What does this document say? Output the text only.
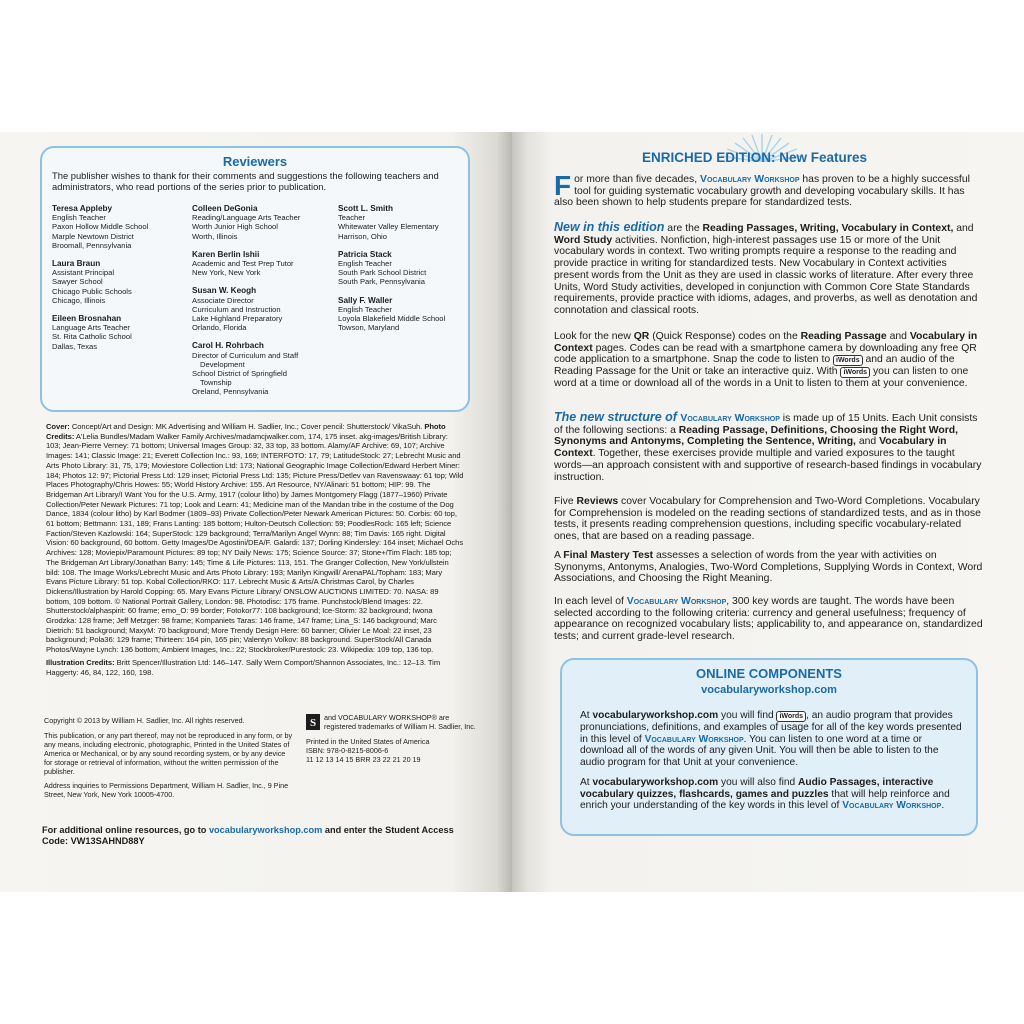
Reviewers
The publisher wishes to thank for their comments and suggestions the following teachers and administrators, who read portions of the series prior to publication.
Teresa Appleby
English Teacher
Paxon Hollow Middle School
Marple Newtown District
Broomall, Pennsylvania
Laura Braun
Assistant Principal
Sawyer School
Chicago Public Schools
Chicago, Illinois
Eileen Brosnahan
Language Arts Teacher
St. Rita Catholic School
Dallas, Texas
Colleen DeGonia
Reading/Language Arts Teacher
Worth Junior High School
Worth, Illinois
Karen Berlin Ishii
Academic and Test Prep Tutor
New York, New York
Susan W. Keogh
Associate Director
Curriculum and Instruction
Lake Highland Preparatory
Orlando, Florida
Carol H. Rohrbach
Director of Curriculum and Staff
Development
School District of Springfield
Township
Oreland, Pennsylvania
Scott L. Smith
Teacher
Whitewater Valley Elementary
Harrison, Ohio
Patricia Stack
English Teacher
South Park School District
South Park, Pennsylvania
Sally F. Waller
English Teacher
Loyola Blakefield Middle School
Towson, Maryland

Cover: Concept/Art and Design: MK Advertising and William H. Sadlier, Inc.; Cover pencil: Shutterstock/ VikaSuh. Photo Credits: A'Lelia Bundles/Madam Walker Family Archives/madamcjwalker.com, 174, 175 inset. akg-images/British Library: 103; Jean-Pierre Verney: 71 bottom; Universal Images Group: 32, 33 top, 33 bottom. Alamy/AF Archive: 69, 107; Archive Images: 141; Classic Image: 21; Everett Collection Inc.: 93, 169; INTERFOTO: 17, 79; LatitudeStock: 27; Lebrecht Music and Arts Photo Library: 31, 75, 179; Moviestore Collection Ltd: 173; National Geographic Image Collection/Edward Herbert Miner: 184; Photos 12: 97; Pictorial Press Ltd: 129 inset; Pictorial Press Ltd: 135; Picture Press/Detlev van Ravenswaay: 61 top; Wild Places Photography/Chris Howes: 55; World History Archive: 155. Art Resource, NY/Alinari: 51 bottom; HIP: 99. The Bridgeman Art Library/I Want You for the U.S. Army, 1917 (colour litho) by James Montgomery Flagg (1877–1960) Private Collection/Peter Newark Pictures: 71 top; Look and Learn: 41; Medicine man of the Mandan tribe in the costume of the Dog Dance, 1834 (colour litho) by Karl Bodmer (1809–93) Private Collection/Peter Newark American Pictures: 50. Corbis: 60 top, 61 bottom; Bettmann: 131, 189; Frans Lanting: 185 bottom; Hulton-Deutsch Collection: 59; PoodlesRock: 165 left; Science Faction/Steven Kazlowski: 164; SuperStock: 129 background; Terra/Marilyn Angel Wynn: 88; Tim Davis: 165 right. Digital Vision: 60 background, 60 bottom. Getty Images/De Agostini/DEA/F. Galardi: 137; Dorling Kindersley: 164 inset; Michael Ochs Archives: 128; Moviepix/Paramount Pictures: 89 top; NY Daily News: 175; Science Source: 37; Stone+/Tim Flach: 185 top; The Bridgeman Art Library/Jonathan Barry: 145; Time & Life Pictures: 113, 151. The Granger Collection, New York/ullstein bild: 108. The Image Works/Lebrecht Music and Arts Photo Library: 193; Marilyn Kingwill/ ArenaPAL/Topham: 183; Mary Evans Picture Library: 51 top. Kobal Collection/RKO: 117. Lebrecht Music & Arts/A Christmas Carol, by Charles Dickens/Illustration by Harold Copping: 65. Mary Evans Picture Library/ ONSLOW AUCTIONS LIMITED: 70. NASA: 89 bottom, 109 bottom. © National Portrait Gallery, London: 98. Photodisc: 175 frame. Punchstock/Blend Images: 22. Shutterstock/alphaspirit: 60 frame; emo_O: 99 border; Fotokor77: 108 background; Ice-Storm: 32 background; Iwona Grodzka: 128 frame; Jeff Metzger: 98 frame; Kompaniets Taras: 146 frame, 147 frame; Lina_S: 146 background; Marc Dietrich: 51 background; MaxyM: 70 background; More Trendy Design Here: 60 banner; Olivier Le Moal: 22 inset, 23 background; Pola36: 129 frame; Thirteen: 164 pin, 165 pin; Valentyn Volkov: 88 background. SuperStock/All Canada Photos/Wayne Lynch: 136 bottom; Ambient Images, Inc.: 22; Stockbroker/Purestock: 23. Wikipedia: 109 top, 136 top.

Illustration Credits: Britt Spencer/Illustration Ltd: 146–147. Sally Wern Comport/Shannon Associates, Inc.: 12–13. Tim Haggerty: 46, 84, 122, 160, 198.

Copyright © 2013 by William H. Sadlier, Inc. All rights reserved.

This publication, or any part thereof, may not be reproduced in any form, or by any means, including electronic, photographic, Printed in the United States of America or Mechanical, or by any sound recording system, or by any device for storage or retrieval of information, without the written permission of the publisher.

Address inquiries to Permissions Department, William H. Sadlier, Inc., 9 Pine Street, New York, New York 10005-4700.

S and VOCABULARY WORKSHOP® are registered trademarks of William H. Sadlier, Inc.
Printed in the United States of America
ISBN: 978-0-8215-8006-6
11 12 13 14 15 BRR 23 22 21 20 19
For additional online resources, go to vocabularyworkshop.com and enter the Student Access Code: VW13SAHND88Y
ENRICHED EDITION: New Features

For more than five decades, Vocabulary Workshop has proven to be a highly successful tool for guiding systematic vocabulary growth and developing vocabulary skills. It has also been shown to help students prepare for standardized tests.

New in this edition are the Reading Passages, Writing, Vocabulary in Context, and Word Study activities. Nonfiction, high-interest passages use 15 or more of the Unit vocabulary words in context. Two writing prompts require a response to the reading and provide practice in writing for standardized tests. New Vocabulary in Context activities present words from the Unit as they are used in classic works of literature. After every three Units, Word Study activities, developed in conjunction with Common Core State Standards requirements, provide practice with idioms, adages, and proverbs, as well as denotation and connotation and classical roots.

Look for the new QR (Quick Response) codes on the Reading Passage and Vocabulary in Context pages. Codes can be read with a smartphone camera by downloading any free QR code application to a smartphone. Snap the code to listen to iWords and an audio of the Reading Passage for the Unit or take an interactive quiz. With iWords you can listen to one word at a time or download all of the words in a Unit to listen to them at your convenience.

The new structure of Vocabulary Workshop is made up of 15 Units. Each Unit consists of the following sections: a Reading Passage, Definitions, Choosing the Right Word, Synonyms and Antonyms, Completing the Sentence, Writing, and Vocabulary in Context. Together, these exercises provide multiple and varied exposures to the taught words—an approach consistent with and supportive of research-based findings in vocabulary instruction.

Five Reviews cover Vocabulary for Comprehension and Two-Word Completions. Vocabulary for Comprehension is modeled on the reading sections of standardized tests, and as in those tests, it presents reading comprehension questions, including specific vocabulary-related ones, that are based on a reading passage.

A Final Mastery Test assesses a selection of words from the year with activities on Synonyms, Antonyms, Analogies, Two-Word Completions, Supplying Words in Context, Word Associations, and Choosing the Right Meaning.

In each level of Vocabulary Workshop, 300 key words are taught. The words have been selected according to the following criteria: currency and general usefulness; frequency of appearance on recognized vocabulary lists; applicability to, and appearance on, standardized tests; and current grade-level research.

ONLINE COMPONENTS
vocabularyworkshop.com

At vocabularyworkshop.com you will find iWords , an audio program that provides pronunciations, definitions, and examples of usage for all of the key words presented in this level of Vocabulary Workshop. You can listen to one word at a time or download all of the words of any given Unit. You will then be able to listen to the audio program for that Unit at your convenience.

At vocabularyworkshop.com you will also find Audio Passages, interactive vocabulary quizzes, flashcards, games and puzzles that will help reinforce and enrich your understanding of the key words in this level of Vocabulary Workshop.
